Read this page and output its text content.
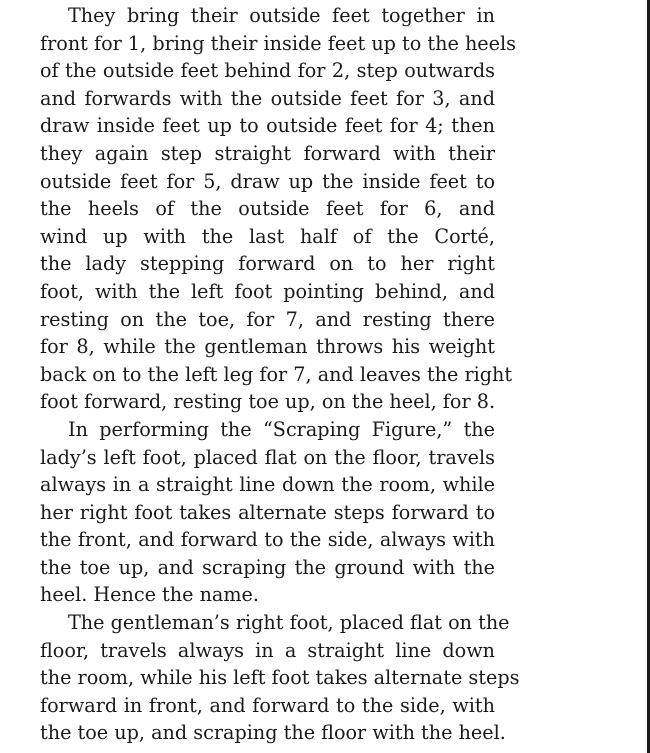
They bring their outside feet together in
front for 1, bring their inside feet up to the heels
of the outside feet behind for 2, step outwards
and forwards with the outside feet for 3, and
draw inside feet up to outside feet for 4; then
they again step straight forward with their
outside feet for 5, draw up the inside feet to
the heels of the outside feet for 6, and
wind up with the last half of the Corté,
the lady stepping forward on to her right
foot, with the left foot pointing behind, and
resting on the toe, for 7, and resting there
for 8, while the gentleman throws his weight
back on to the left leg for 7, and leaves the right
foot forward, resting toe up, on the heel, for 8.

In performing the “Scraping Figure,” the
lady’s left foot, placed flat on the floor, travels
always in a straight line down the room, while
her right foot takes alternate steps forward to
the front, and forward to the side, always with
the toe up, and scraping the ground with the
heel. Hence the name.

The gentleman’s right foot, placed flat on the
floor, travels always in a straight line down
the room, while his left foot takes alternate steps
forward in front, and forward to the side, with
the toe up, and scraping the floor with the heel.
